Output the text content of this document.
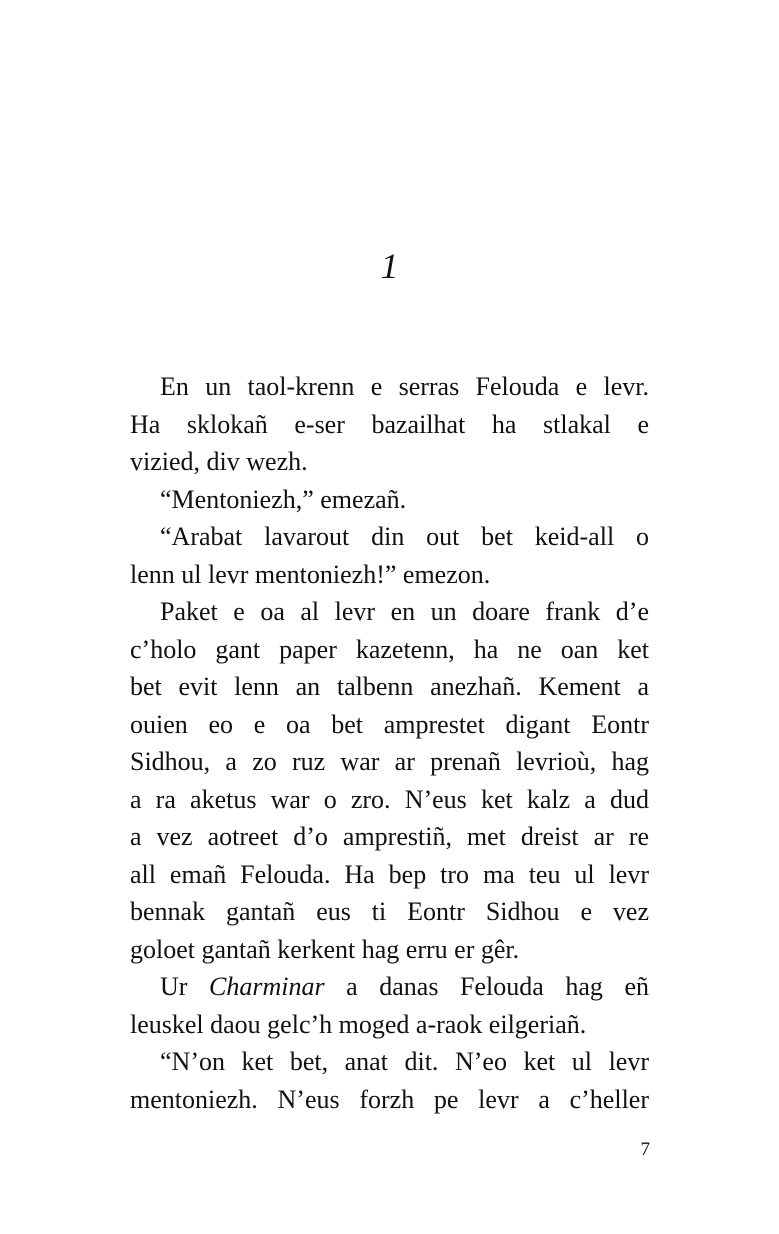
1
En un taol-krenn e serras Felouda e levr.
Ha sklokañ e-ser bazailhat ha stlakal e
vizied, div wezh.
“Mentoniezh,” emezañ.
“Arabat lavarout din out bet keid-all o
lenn ul levr mentoniezh!” emezon.
Paket e oa al levr en un doare frank d’e
c’holo gant paper kazetenn, ha ne oan ket
bet evit lenn an talbenn anezhañ. Kement a
ouien eo e oa bet amprestet digant Eontr
Sidhou, a zo ruz war ar prenañ levrioù, hag
a ra aketus war o zro. N’eus ket kalz a dud
a vez aotreet d’o amprestiñ, met dreist ar re
all emañ Felouda. Ha bep tro ma teu ul levr
bennak gantañ eus ti Eontr Sidhou e vez
goloet gantañ kerkent hag erru er gêr.
Ur Charminar a danas Felouda hag eñ
leuskel daou gelc’h moged a-raok eilgeriañ.
“N’on ket bet, anat dit. N’eo ket ul levr
mentoniezh. N’eus forzh pe levr a c’heller
7
